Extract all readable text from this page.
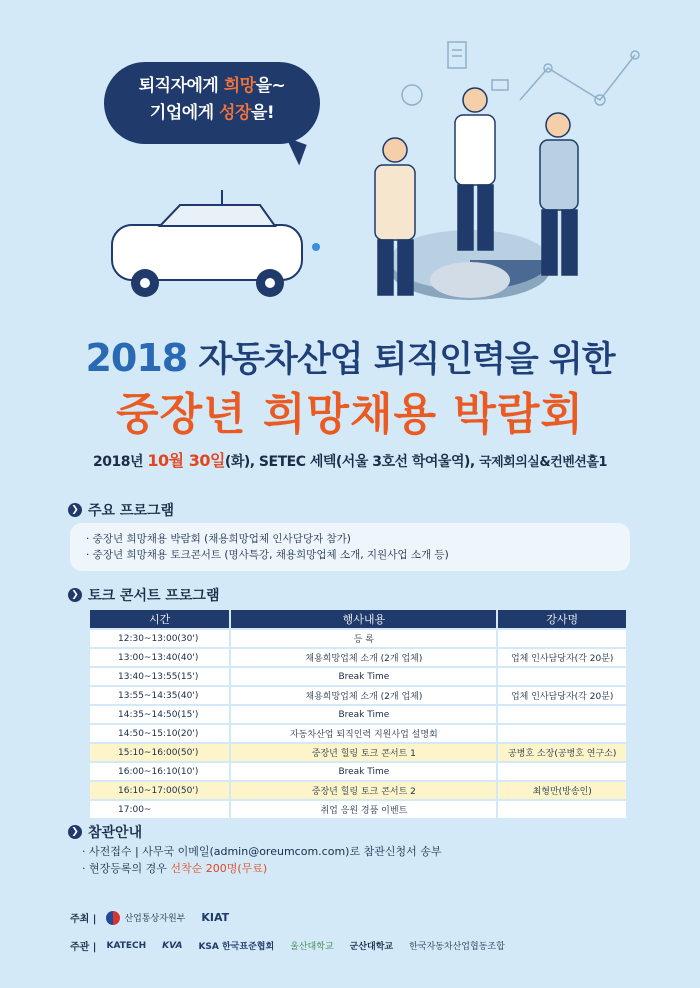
퇴직자에게 희망을~

기업에게 성장을!

2018 자동차산업 퇴직인력을 위한
중장년 희망채용 박람회
2018년 10월 30일(화), SETEC 세텍(서울 3호선 학여울역), 국제회의실&컨벤션홀1
❯ 주요 프로그램
· 중장년 희망채용 박람회 (채용희망업체 인사담당자 참가)
· 중장년 희망채용 토크콘서트 (명사특강, 채용희망업체 소개, 지원사업 소개 등)
❯ 토크 콘서트 프로그램
시간	행사내용	강사명
12:30~13:00(30')	등 록	
13:00~13:40(40')	채용희망업체 소개 (2개 업체)	업체 인사담당자(각 20분)
13:40~13:55(15')	Break Time	
13:55~14:35(40')	채용희망업체 소개 (2개 업체)	업체 인사담당자(각 20분)
14:35~14:50(15')	Break Time	
14:50~15:10(20')	자동차산업 퇴직인력 지원사업 설명회	
15:10~16:00(50')	중장년 힐링 토크 콘서트 1	공병호 소장(공병호 연구소)
16:00~16:10(10')	Break Time	
16:10~17:00(50')	중장년 힐링 토크 콘서트 2	최형만(방송인)
17:00~	취업 응원 경품 이벤트	
❯ 참관안내
· 사전접수 | 사무국 이메일(admin@oreumcom.com)로 참관신청서 송부
· 현장등록의 경우 선착순 200명(무료)
주최 |	산업통상자원부 KIAT
주관 | KATECH KVA KSA 한국표준협회 울산대학교 군산대학교 한국자동차산업협동조합
